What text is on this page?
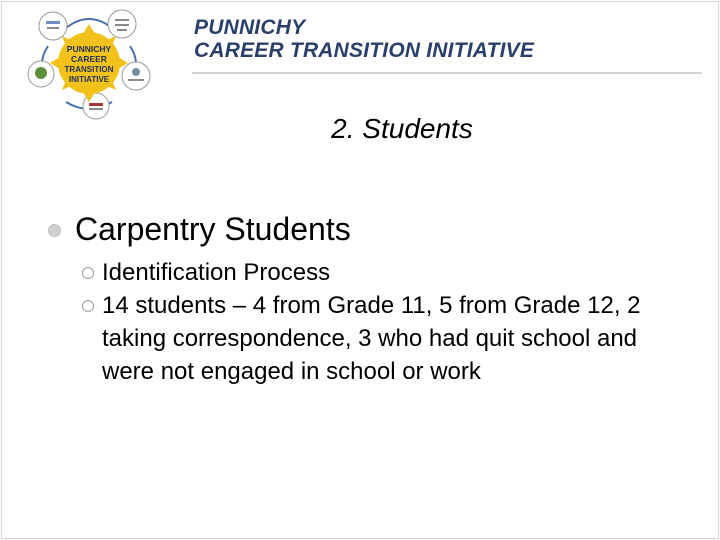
PUNNICHY
CAREER
TRANSITION
INITIATIVE
PUNNICHY
CAREER TRANSITION INITIATIVE
2. Students
Carpentry Students
Identification Process
14 students – 4 from Grade 11, 5 from Grade 12, 2 taking correspondence, 3 who had quit school and were not engaged in school or work
